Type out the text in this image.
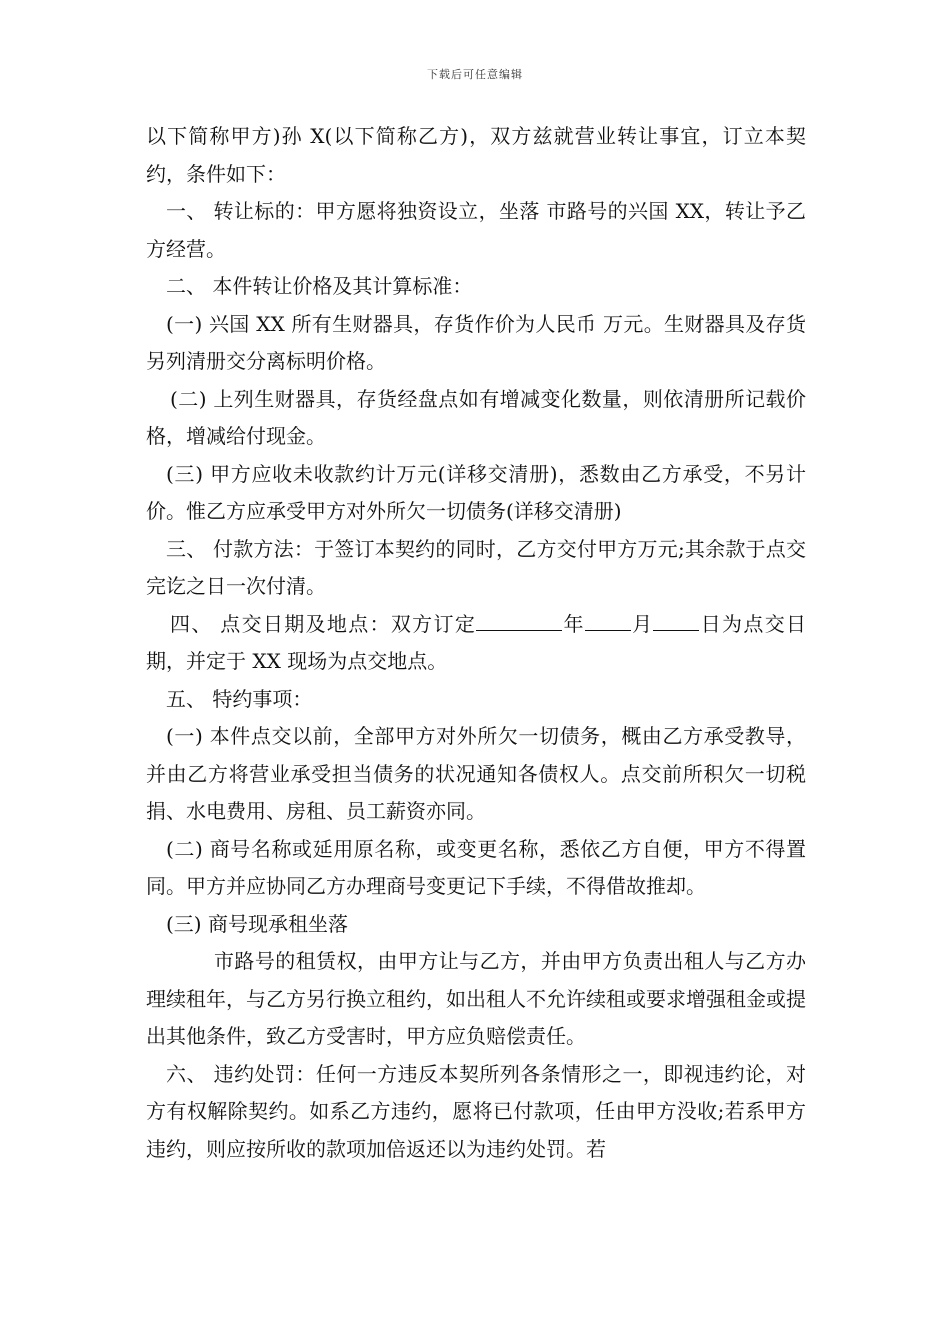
下载后可任意编辑

以下简称甲方)孙 X(以下简称乙方)，双方兹就营业转让事宜，订立本契约，条件如下：

一、 转让标的：甲方愿将独资设立，坐落 市路号的兴国 XX，转让予乙方经营。

二、 本件转让价格及其计算标准：

(一) 兴国 XX 所有生财器具，存货作价为人民币 万元。生财器具及存货另列清册交分离标明价格。

(二) 上列生财器具，存货经盘点如有增减变化数量，则依清册所记载价格，增减给付现金。

(三) 甲方应收未收款约计万元(详移交清册)，悉数由乙方承受，不另计价。惟乙方应承受甲方对外所欠一切债务(详移交清册)

三、 付款方法：于签订本契约的同时，乙方交付甲方万元;其余款于点交完讫之日一次付清。

四、 点交日期及地点：双方订定	年 月 日为点交日期，并定于 XX 现场为点交地点。

五、 特约事项：

(一) 本件点交以前，全部甲方对外所欠一切债务，概由乙方承受教导，并由乙方将营业承受担当债务的状况通知各债权人。点交前所积欠一切税捐、水电费用、房租、员工薪资亦同。

(二) 商号名称或延用原名称，或变更名称，悉依乙方自便，甲方不得置同。甲方并应协同乙方办理商号变更记下手续，不得借故推却。

(三) 商号现承租坐落

市路号的租赁权，由甲方让与乙方，并由甲方负责出租人与乙方办理续租年，与乙方另行换立租约，如出租人不允许续租或要求增强租金或提出其他条件，致乙方受害时，甲方应负赔偿责任。

六、 违约处罚：任何一方违反本契所列各条情形之一，即视违约论，对方有权解除契约。如系乙方违约，愿将已付款项，任由甲方没收;若系甲方违约，则应按所收的款项加倍返还以为违约处罚。若
